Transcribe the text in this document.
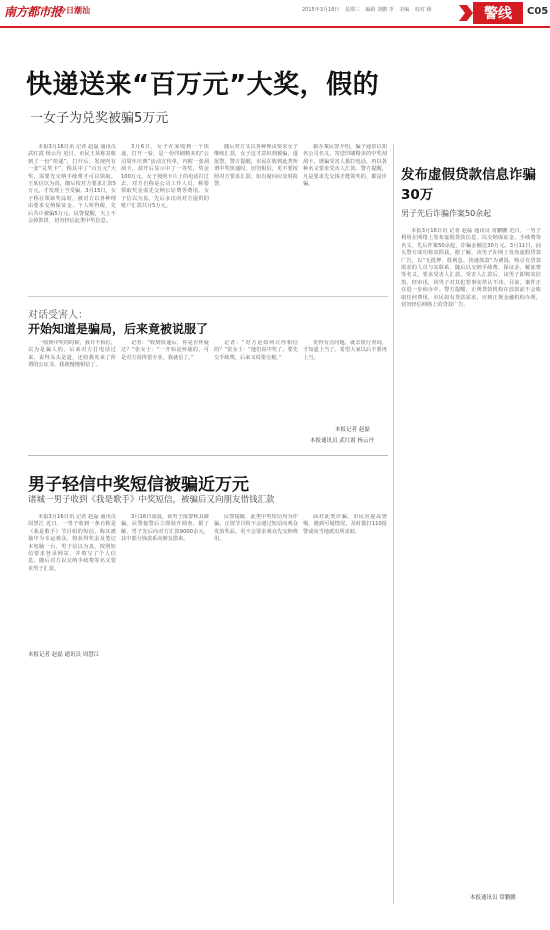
南方都市报
今日潮汕	2015年3月18日 星期三 编辑 刘鹏 李 美编 校对 杨	警线	C05
快递送来“百万元”大奖，假的
一女子为兑奖被骗5万元

本报3月16日讯 记者 赵磊 通讯员 武红霞 杨云丹 近日，市民王某称其收到了一份“快递”，打开后，发现内有一张“兑奖卡”，称其中了“百万元”大奖，需要先交纳手续费才可以领取。王某信以为真，随后按对方要求汇款5万元，才发现上当受骗。3月15日，女子称在领取奖品时，被对方以各种理由要求交纳保证金、个人所得税，先后共计被骗5万元。民警提醒，天上不会掉馅饼，切勿轻信此类中奖信息。

3月6日，女子在家收到一个快递，打开一看，是一份印刷精美的“公司周年庆典”活动宣传单，内附一张刮刮卡，刮开后显示中了一等奖，奖金100万元。女子按照卡片上的电话打过去，对方自称是公司工作人员，称要领取奖金需先交纳公证费等费用。女子信以为真，先后多次向对方提供的账户汇款共计5万元。

随后对方又以各种理由要求女子继续汇款，女子这才意识到被骗，遂报警。警方提醒，市民在收到此类所谓中奖快递时，切勿相信，更不要按照对方要求汇款，如有疑问应及时报警。

据办案民警介绍，骗子通常以知名公司名义，寄送印刷精美的中奖刮刮卡，诱骗受害人拨打电话，再以各种名义要求受害人汇款。警方提醒，凡是要求先交钱才能领奖的，都是诈骗。

对话受害人：
开始知道是骗局，后来竟被说服了

一收到中奖的时候，我并不相信，以为是骗人的，后来对方打电话过来，说得头头是道，还给我发来了所谓的公证书，我就慢慢相信了。

记者：“收到快递后，你是否怀疑过？”张女士：“一开始是怀疑的，可是对方说得很专业，我就信了。”

记者：“对方是如何让你相信的？”张女士：“他们说中奖了，要先交手续费，后来又说要交税。”

觉得有点问题，就去银行查询，才知道上当了。希望大家以后不要再上当。

本报记者 赵磊
本报通讯员 武红霞 杨云丹
发布虚假贷款信息诈骗30万
男子先后诈骗作案50余起

本报3月16日讯 记者 赵磊 通讯员 常鹏鹏 近日，一男子利用在网络上发布虚假贷款信息，以交纳保证金、手续费等名义，先后作案50余起，诈骗金额达30万元。3月11日，汕头警方成功将其抓获。据了解，该男子在网上发布虚假贷款广告，以“无抵押、低利息、快速放款”为诱饵，吸引有贷款需求的人员与其联系，随后以交纳手续费、保证金、解冻费等名义，要求受害人汇款。受害人汇款后，该男子即将其拉黑。经审讯，该男子对其犯罪事实供认不讳。目前，案件正在进一步侦办中。警方提醒，正规贷款机构在放款前不会收取任何费用，市民如有贷款需求，应到正规金融机构办理，切勿轻信网络上的贷款广告。

本报通讯员 常鹏鹏
男子轻信中奖短信被骗近万元
诸城一男子收到《我是歌手》中奖短信，被骗后又向朋友借钱汇款

本报3月16日讯 记者 赵磊 通讯员 周慧江 近日，一男子收到一条自称是《我是歌手》节目组的短信，称其被抽中为幸运观众，将获得奖金及笔记本电脑一台。男子信以为真，按照短信要求登录网站，并填写了个人信息。随后对方以交纳手续费等名义要求男子汇款。

3月16日凌晨，该男子报警称其被骗。民警接警后立即展开调查。据了解，男子先后向对方汇款9000余元，其中部分钱款系向朋友借来。

民警提醒，此类中奖短信均为诈骗，正规节目组不会通过短信向观众发放奖品，更不会要求观众先交纳费用。

面对此类诈骗，市民应提高警惕，遇到可疑情况，及时拨打110报警或向当地派出所求助。

本报记者 赵磊 通讯员 周慧江
